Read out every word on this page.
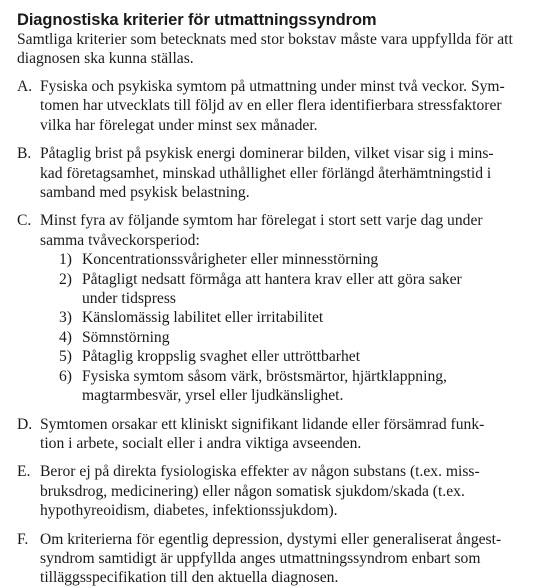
Diagnostiska kriterier för utmattningssyndrom
Samtliga kriterier som betecknats med stor bokstav måste vara uppfyllda för att
diagnosen ska kunna ställas.
A. Fysiska och psykiska symtom på utmattning under minst två veckor. Sym-
tomen har utvecklats till följd av en eller flera identifierbara stressfaktorer
vilka har förelegat under minst sex månader.
B. Påtaglig brist på psykisk energi dominerar bilden, vilket visar sig i mins-
kad företagsamhet, minskad uthållighet eller förlängd återhämtningstid i
samband med psykisk belastning.
C. Minst fyra av följande symtom har förelegat i stort sett varje dag under
samma tvåveckorsperiod:
1) Koncentrationssvårigheter eller minnesstörning
2) Påtagligt nedsatt förmåga att hantera krav eller att göra saker
under tidspress
3) Känslomässig labilitet eller irritabilitet
4) Sömnstörning
5) Påtaglig kroppslig svaghet eller uttröttbarhet
6) Fysiska symtom såsom värk, bröstsmärtor, hjärtklappning,
magtarmbesvär, yrsel eller ljudkänslighet.
D. Symtomen orsakar ett kliniskt signifikant lidande eller försämrad funk-
tion i arbete, socialt eller i andra viktiga avseenden.
E. Beror ej på direkta fysiologiska effekter av någon substans (t.ex. miss-
bruksdrog, medicinering) eller någon somatisk sjukdom/skada (t.ex.
hypothyreoidism, diabetes, infektionssjukdom).
F. Om kriterierna för egentlig depression, dystymi eller generaliserat ångest-
syndrom samtidigt är uppfyllda anges utmattningssyndrom enbart som
tilläggsspecifikation till den aktuella diagnosen.
